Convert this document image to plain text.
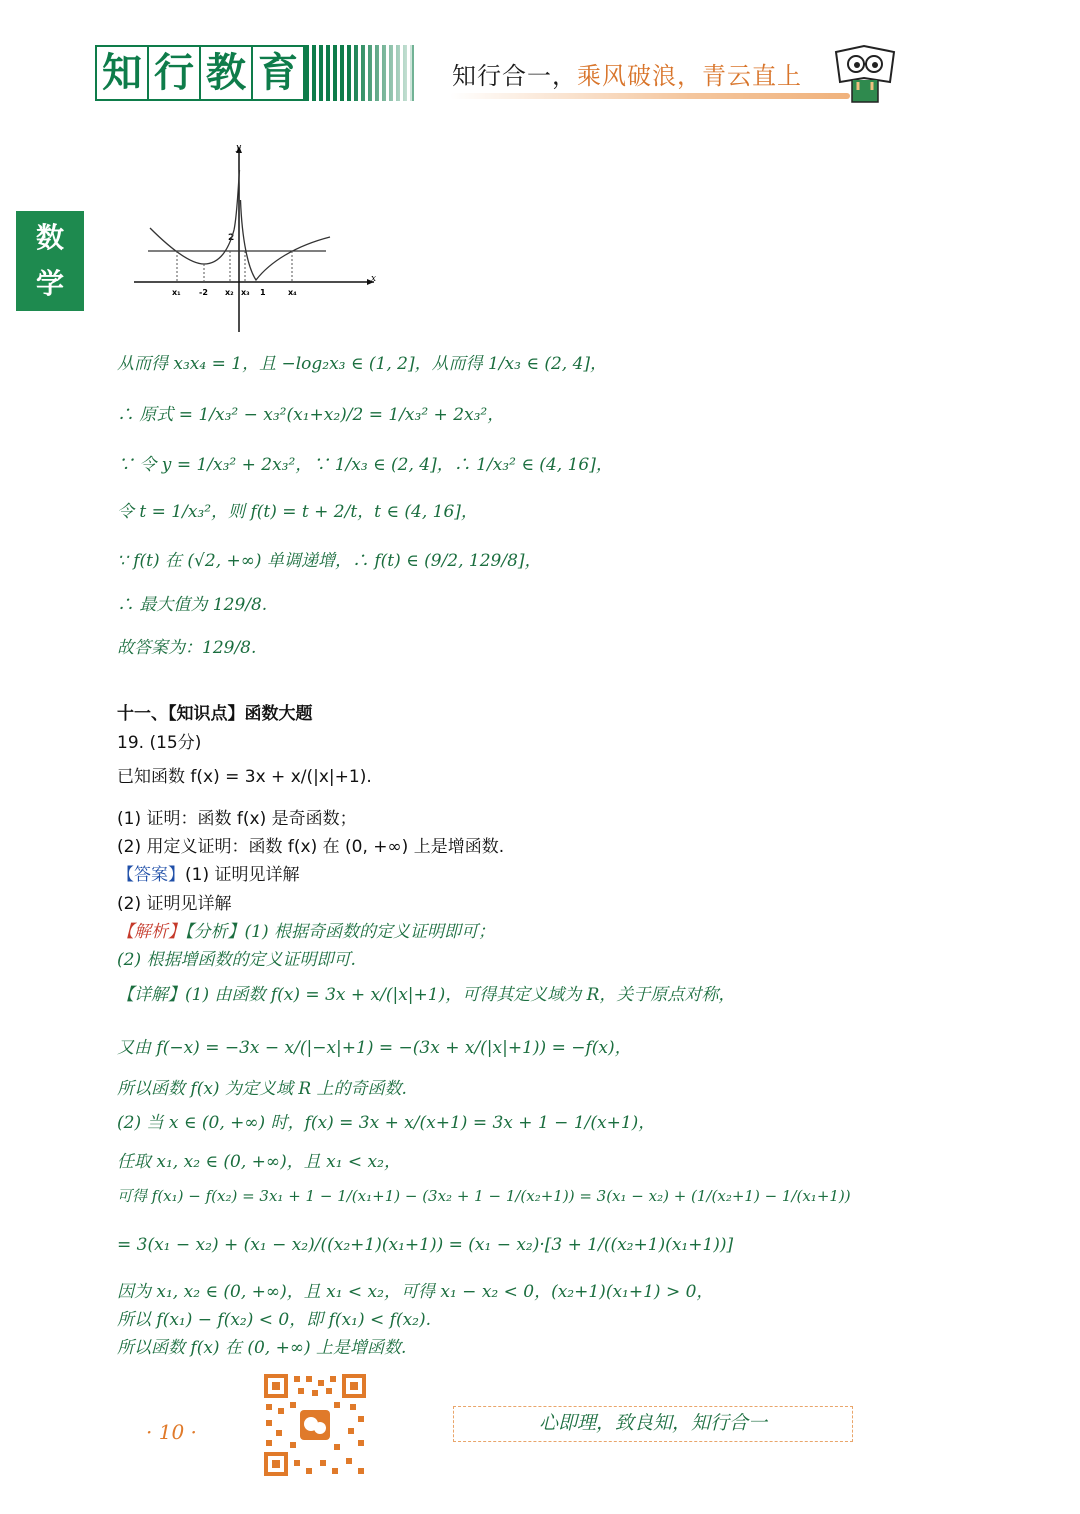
知 行 教 育	知行合一，乘风破浪，青云直上
数
学
y
x
2
x₁ -2 x₂ x₃ 1	x₄
从而得 x₃x₄ = 1，且 −log₂x₃ ∈ (1, 2]，从而得 1/x₃ ∈ (2, 4]，
∴ 原式 = 1/x₃² − x₃²(x₁+x₂)/2 = 1/x₃² + 2x₃²，
∵ 令 y = 1/x₃² + 2x₃²，∵ 1/x₃ ∈ (2, 4]，∴ 1/x₃² ∈ (4, 16]，
令 t = 1/x₃²，则 f(t) = t + 2/t，t ∈ (4, 16]，
∵ f(t) 在 (√2, +∞) 单调递增，∴ f(t) ∈ (9/2, 129/8]，
∴ 最大值为 129/8.
故答案为：129/8.
十一、【知识点】函数大题
19. (15分)
已知函数 f(x) = 3x + x/(|x|+1).
(1) 证明：函数 f(x) 是奇函数；
(2) 用定义证明：函数 f(x) 在 (0, +∞) 上是增函数.
【答案】(1) 证明见详解
(2) 证明见详解
【解析】【分析】(1) 根据奇函数的定义证明即可；
(2) 根据增函数的定义证明即可.
【详解】(1) 由函数 f(x) = 3x + x/(|x|+1)，可得其定义域为 R，关于原点对称，
又由 f(−x) = −3x − x/(|−x|+1) = −(3x + x/(|x|+1)) = −f(x)，
所以函数 f(x) 为定义域 R 上的奇函数.
(2) 当 x ∈ (0, +∞) 时，f(x) = 3x + x/(x+1) = 3x + 1 − 1/(x+1)，
任取 x₁, x₂ ∈ (0, +∞)，且 x₁ < x₂，
可得 f(x₁) − f(x₂) = 3x₁ + 1 − 1/(x₁+1) − (3x₂ + 1 − 1/(x₂+1)) = 3(x₁ − x₂) + (1/(x₂+1) − 1/(x₁+1))
= 3(x₁ − x₂) + (x₁ − x₂)/((x₂+1)(x₁+1)) = (x₁ − x₂)·[3 + 1/((x₂+1)(x₁+1))]
因为 x₁, x₂ ∈ (0, +∞)，且 x₁ < x₂，可得 x₁ − x₂ < 0，(x₂+1)(x₁+1) > 0，
所以 f(x₁) − f(x₂) < 0，即 f(x₁) < f(x₂).
所以函数 f(x) 在 (0, +∞) 上是增函数.
· 10 ·	心即理，致良知，知行合一
